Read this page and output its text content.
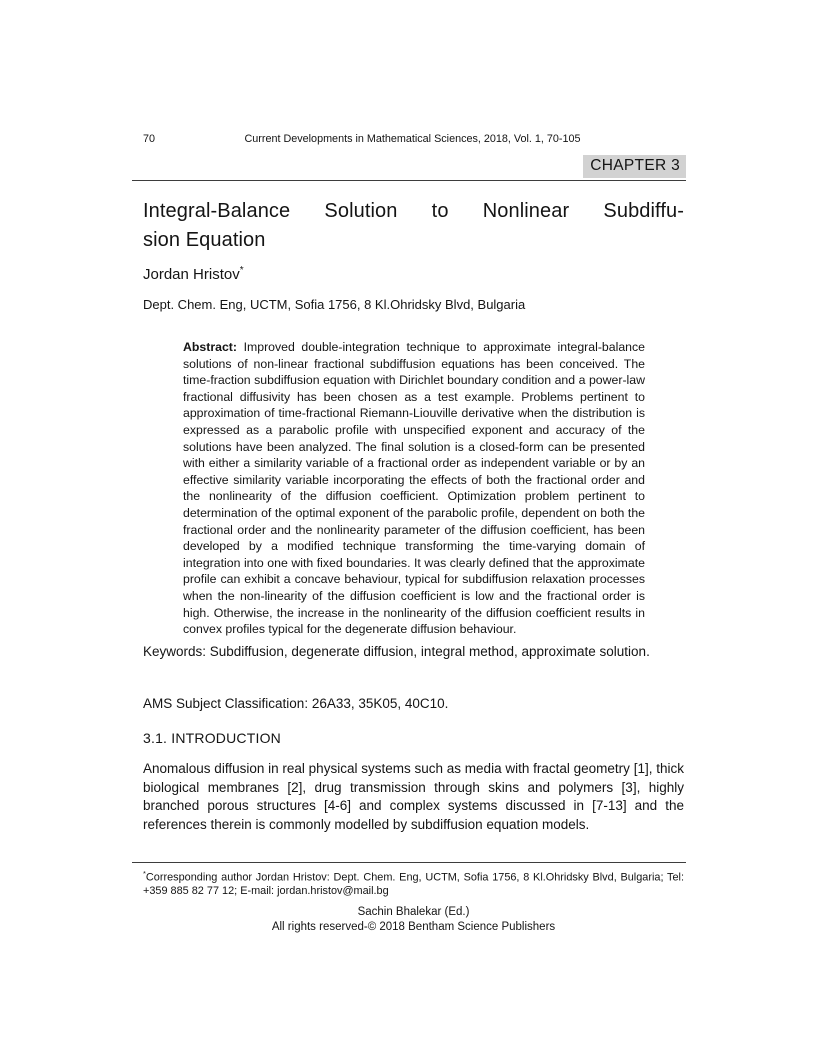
70	Current Developments in Mathematical Sciences, 2018, Vol. 1, 70-105
CHAPTER 3
Integral-Balance Solution to Nonlinear Subdiffu-
sion Equation
Jordan Hristov*
Dept. Chem. Eng, UCTM, Sofia 1756, 8 Kl.Ohridsky Blvd, Bulgaria

Abstract: Improved double-integration technique to approximate integral-balance solutions of non-linear fractional subdiffusion equations has been conceived. The time-fraction subdiffusion equation with Dirichlet boundary condition and a power-law fractional diffusivity has been chosen as a test example. Problems pertinent to approximation of time-fractional Riemann-Liouville derivative when the distribution is expressed as a parabolic profile with unspecified exponent and accuracy of the solutions have been analyzed. The final solution is a closed-form can be presented with either a similarity variable of a fractional order as independent variable or by an effective similarity variable incorporating the effects of both the fractional order and the nonlinearity of the diffusion coefficient. Optimization problem pertinent to determination of the optimal exponent of the parabolic profile, dependent on both the fractional order and the nonlinearity parameter of the diffusion coefficient, has been developed by a modified technique transforming the time-varying domain of integration into one with fixed boundaries. It was clearly defined that the approximate profile can exhibit a concave behaviour, typical for subdiffusion relaxation processes when the non-linearity of the diffusion coefficient is low and the fractional order is high. Otherwise, the increase in the nonlinearity of the diffusion coefficient results in convex profiles typical for the degenerate diffusion behaviour.

Keywords: Subdiffusion, degenerate diffusion, integral method, approximate solution.
AMS Subject Classification: 26A33, 35K05, 40C10.
3.1. INTRODUCTION

Anomalous diffusion in real physical systems such as media with fractal geometry [1], thick biological membranes [2], drug transmission through skins and polymers [3], highly branched porous structures [4-6] and complex systems discussed in [7-13] and the references therein is commonly modelled by subdiffusion equation models.

*Corresponding author Jordan Hristov: Dept. Chem. Eng, UCTM, Sofia 1756, 8 Kl.Ohridsky Blvd, Bulgaria; Tel: +359 885 82 77 12; E-mail: jordan.hristov@mail.bg
Sachin Bhalekar (Ed.)
All rights reserved-© 2018 Bentham Science Publishers
